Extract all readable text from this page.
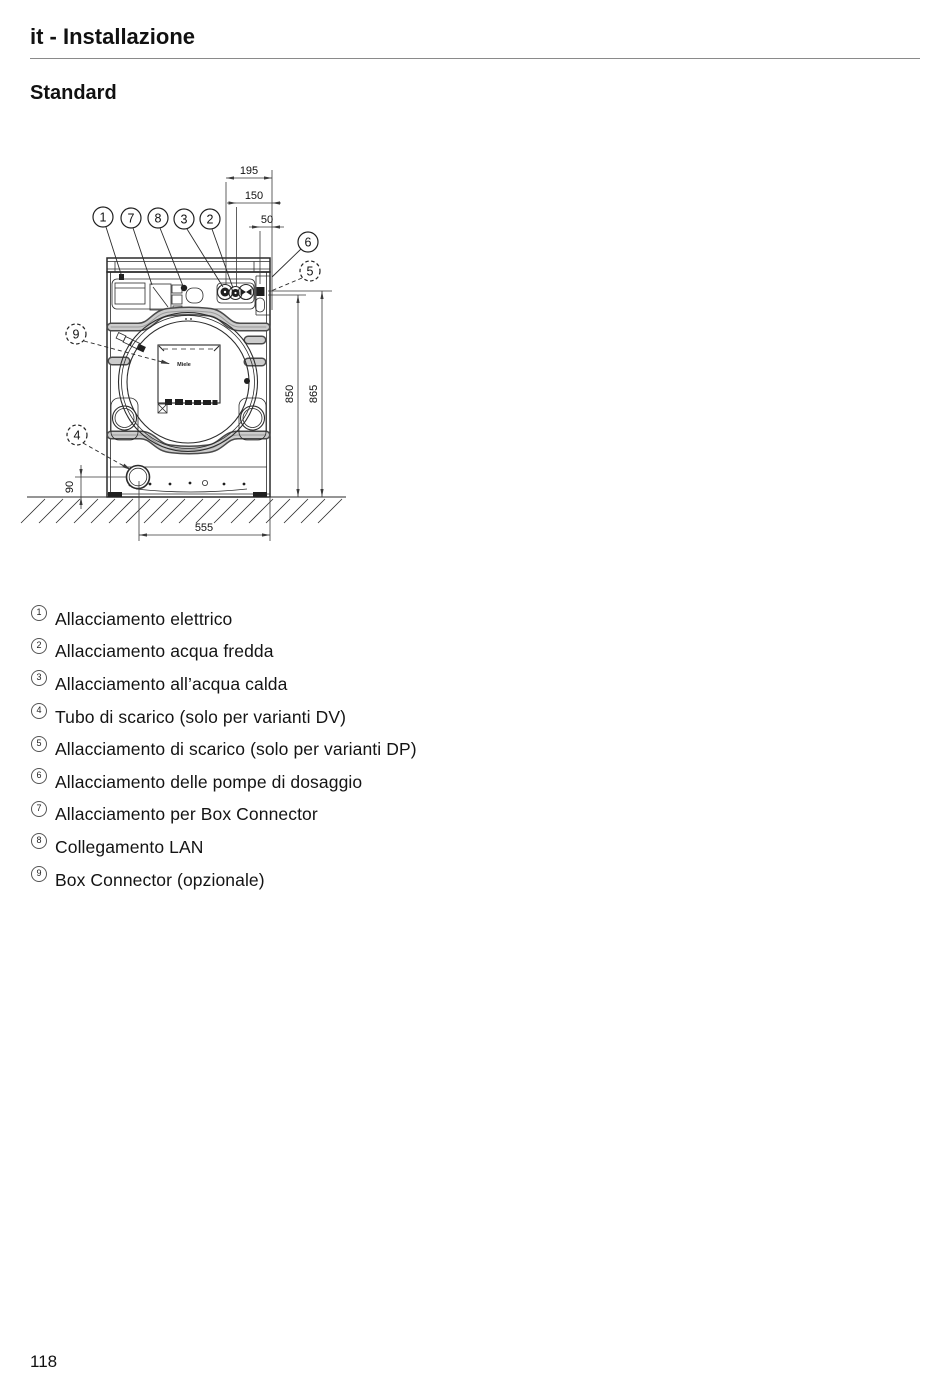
it - Installazione
Standard
Miele
195
150
50
865
850
90
555
1 7 8 3 2
6
5
9
4
1 Allacciamento elettrico
2 Allacciamento acqua fredda
3 Allacciamento all’acqua calda
4 Tubo di scarico (solo per varianti DV)
5 Allacciamento di scarico (solo per varianti DP)
6 Allacciamento delle pompe di dosaggio
7 Allacciamento per Box Connector
8 Collegamento LAN
9 Box Connector (opzionale)
118
